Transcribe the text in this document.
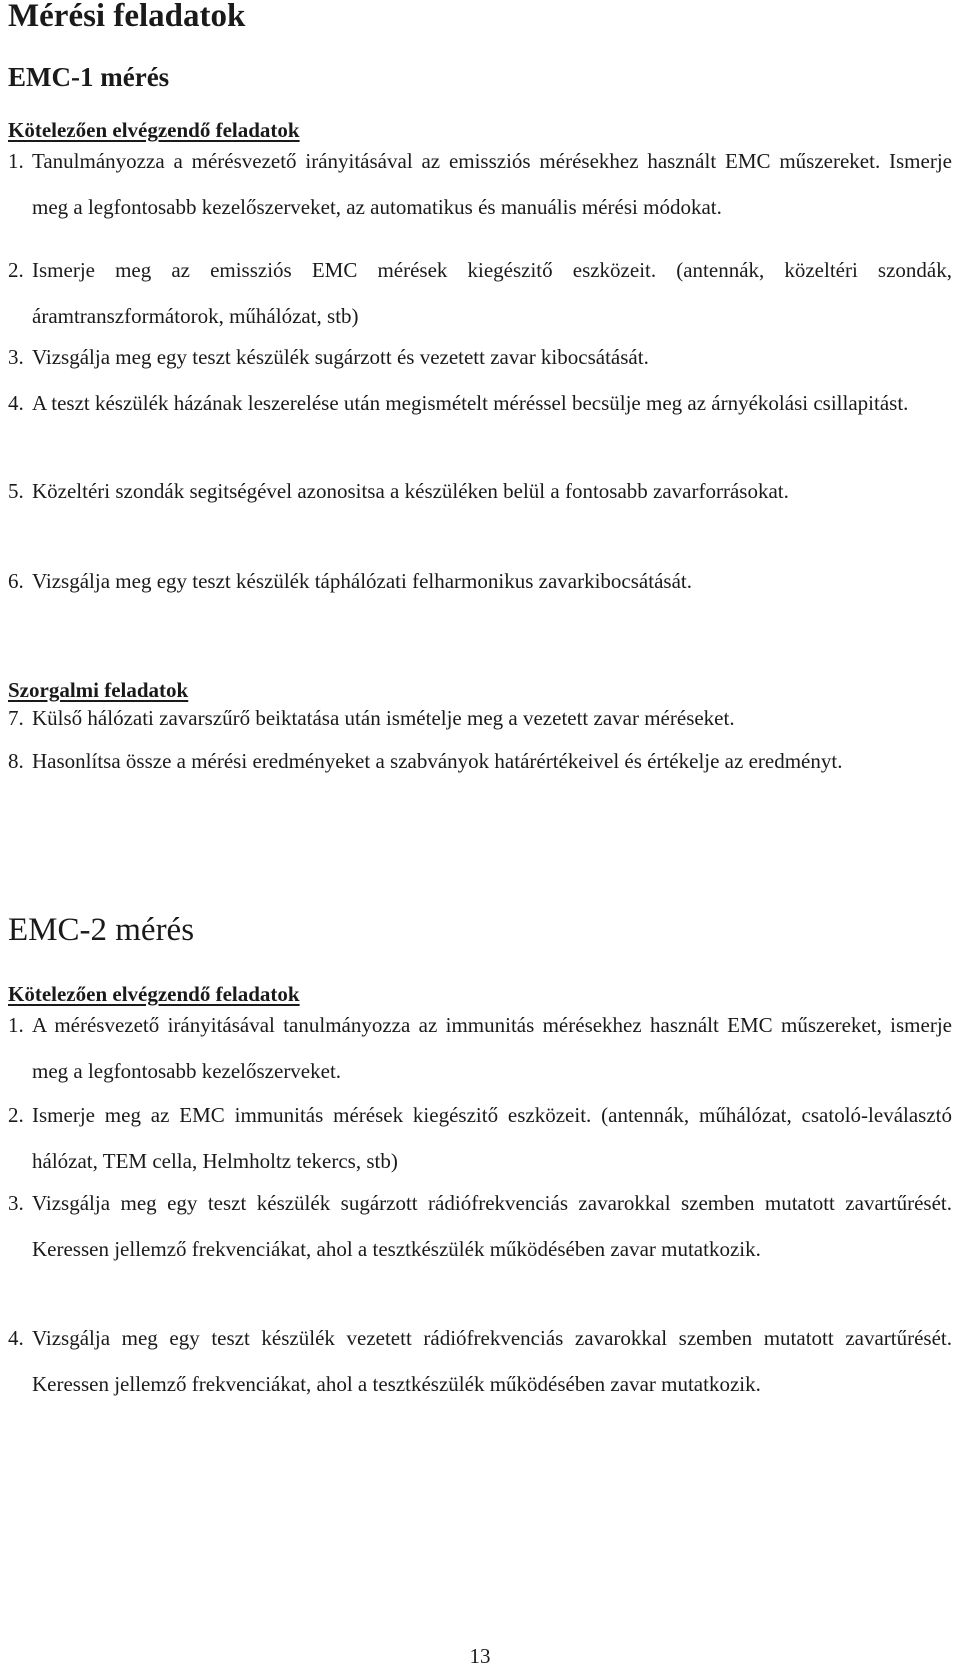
Mérési feladatok
EMC-1 mérés
Kötelezően elvégzendő feladatok
1. Tanulmányozza a mérésvezető irányitásával az emissziós mérésekhez használt EMC műszereket. Ismerje meg a legfontosabb kezelőszerveket, az automatikus és manuális mérési módokat.
2. Ismerje meg az emissziós EMC mérések kiegészitő eszközeit. (antennák, közeltéri szondák, áramtranszformátorok, műhálózat, stb)
3. Vizsgálja meg egy teszt készülék sugárzott és vezetett zavar kibocsátását.
4. A teszt készülék házának leszerelése után megismételt méréssel becsülje meg az árnyékolási csillapitást.
5. Közeltéri szondák segitségével azonositsa a készüléken belül a fontosabb zavarforrásokat.
6. Vizsgálja meg egy teszt készülék táphálózati felharmonikus zavarkibocsátását.
Szorgalmi feladatok
7. Külső hálózati zavarszűrő beiktatása után ismételje meg a vezetett zavar méréseket.
8. Hasonlítsa össze a mérési eredményeket a szabványok határértékeivel és értékelje az eredményt.
EMC-2 mérés
Kötelezően elvégzendő feladatok
1. A mérésvezető irányitásával tanulmányozza az immunitás mérésekhez használt EMC műszereket, ismerje meg a legfontosabb kezelőszerveket.
2. Ismerje meg az EMC immunitás mérések kiegészitő eszközeit. (antennák, műhálózat, csatoló-leválasztó hálózat, TEM cella, Helmholtz tekercs, stb)
3. Vizsgálja meg egy teszt készülék sugárzott rádiófrekvenciás zavarokkal szemben mutatott zavartűrését. Keressen jellemző frekvenciákat, ahol a tesztkészülék működésében zavar mutatkozik.
4. Vizsgálja meg egy teszt készülék vezetett rádiófrekvenciás zavarokkal szemben mutatott zavartűrését. Keressen jellemző frekvenciákat, ahol a tesztkészülék működésében zavar mutatkozik.
13
